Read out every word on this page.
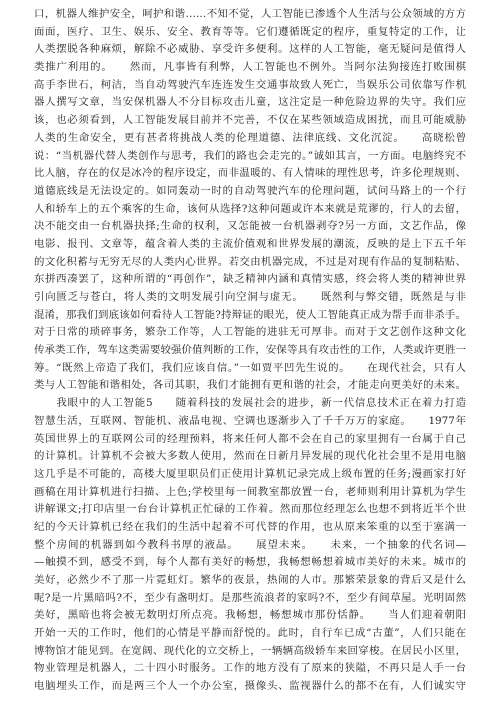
口，机器人维护安全，呵护和谐……不知不觉，人工智能已渗透个人生活与公众领域的方方
面面，医疗、卫生、娱乐、安全、教育等等。它们遵循既定的程序，重复特定的工作，让
人类摆脱各种麻烦，解除不必威胁、享受许多便利。这样的人工智能，毫无疑问是值得人
类推广利用的。　　然而，凡事皆有利弊，人工智能也不例外。当阿尔法狗接连打败围棋
高手李世石，柯洁，当自动驾驶汽车连连发生交通事故致人死亡，当娱乐公司依靠写作机
器人撰写文章，当安保机器人不分目标攻击儿童，这注定是一种危险边界的失守。我们应
该，也必须看到，人工智能发展目前并不完善，不仅在某些领域造成困扰，而且可能威胁
人类的生命安全，更有甚者将挑战人类的伦理道德、法律底线、文化沉淀。　　高晓松曾
说：“当机器代替人类创作与思考，我们的路也会走完的。”诚如其言，一方面。电脑终究不
比人脑，存在的仅是冰冷的程序设定，而非温暖的、有人情味的理性思考，许多伦理规则、
道德底线是无法设定的。如同轰动一时的自动驾驶汽车的伦理问题，试问马路上的一个行
人和轿车上的五个乘客的生命，该何从选择?这种问题或许本来就是荒谬的，行人的去留，
决不能交由一台机器抉择;生命的权利，又怎能被一台机器剥夺?另一方面，文艺作品，像
电影、报刊、文章等，蕴含着人类的主流价值观和世界发展的潮流，反映的是上下五千年
的文化积蓄与无穷无尽的人类内心世界。若交由机器完成，不过是对现有作品的复制粘贴、
东拼西凑罢了，这种所谓的“再创作”，缺乏精神内涵和真情实感，终会将人类的精神世界
引向匮乏与苍白，将人类的文明发展引向空洞与虚无。　　既然利与弊交错，既然是与非
混淆，那我们到底该如何看待人工智能?持辩证的眼光，使人工智能真正成为帮手而非杀手。
对于日常的琐碎事务，繁杂工作等，人工智能的进驻无可厚非。而对于文艺创作这种文化
传承类工作，驾车这类需要较强价值判断的工作，安保等具有攻击性的工作，人类或许更胜一
筹。“既然上帝造了我们，我们应该自信。”一如贾平凹先生说的。　　在现代社会，只有人
类与人工智能和谐相处，各司其职，我们才能拥有更和谐的社会，才能走向更美好的未来。
　　我眼中的人工智能5　　随着科技的发展社会的进步，新一代信息技术正在着力打造
智慧生活，互联网、智能机、液晶电视、空调也逐渐步入了千千万万的家庭。　　1977年
英国世界上的互联网公司的经理预料，将来任何人都不会在自己的家里拥有一台属于自己
的计算机。计算机不会被大多数人使用，然而在日新月异发展的现代化社会里不是用电脑
这几乎是不可能的，高楼大厦里职员们正使用计算机记录完成上级布置的任务;漫画家打好
画稿在用计算机进行扫描、上色;学校里每一间教室都放置一台，老师则利用计算机为学生
讲解课文;打印店里一台台计算机正忙碌的工作着。然而那位经理怎么也想不到将近半个世
纪的今天计算机已经在我们的生活中起着不可代替的作用，也从原来笨重的以至于塞满一
整个房间的机器到如今教科书厚的液晶。　　展望未来。　　未来，一个抽象的代名词—
—触摸不到，感受不到，每个人都有美好的畅想，我畅想畅想着城市美好的未来。城市的
美好，必然少不了那一片霓虹灯。繁华的夜景，热闹的人市。那繁荣景象的背后又是什么
呢?是一片黑暗吗?不，至少有盏明灯。是那些流浪者的家吗?不，至少有间草屋。光明固然
美好，黑暗也将会被无数明灯所点亮。我畅想，畅想城市那份恬静。　　当人们迎着朝阳
开始一天的工作时，他们的心情是平静而舒悦的。此时，自行车已成“古董”，人们只能在
博物馆才能见到。在宽阔、现代化的立交桥上，一辆辆高级轿车来回穿梭。在居民小区里，
物业管理是机器人，二十四小时服务。工作的地方没有了原来的狭隘，不再只是人手一台
电脑埋头工作，而是两三个人一个办公室，摄像头、监视器什么的都不在有，人们诚实守
